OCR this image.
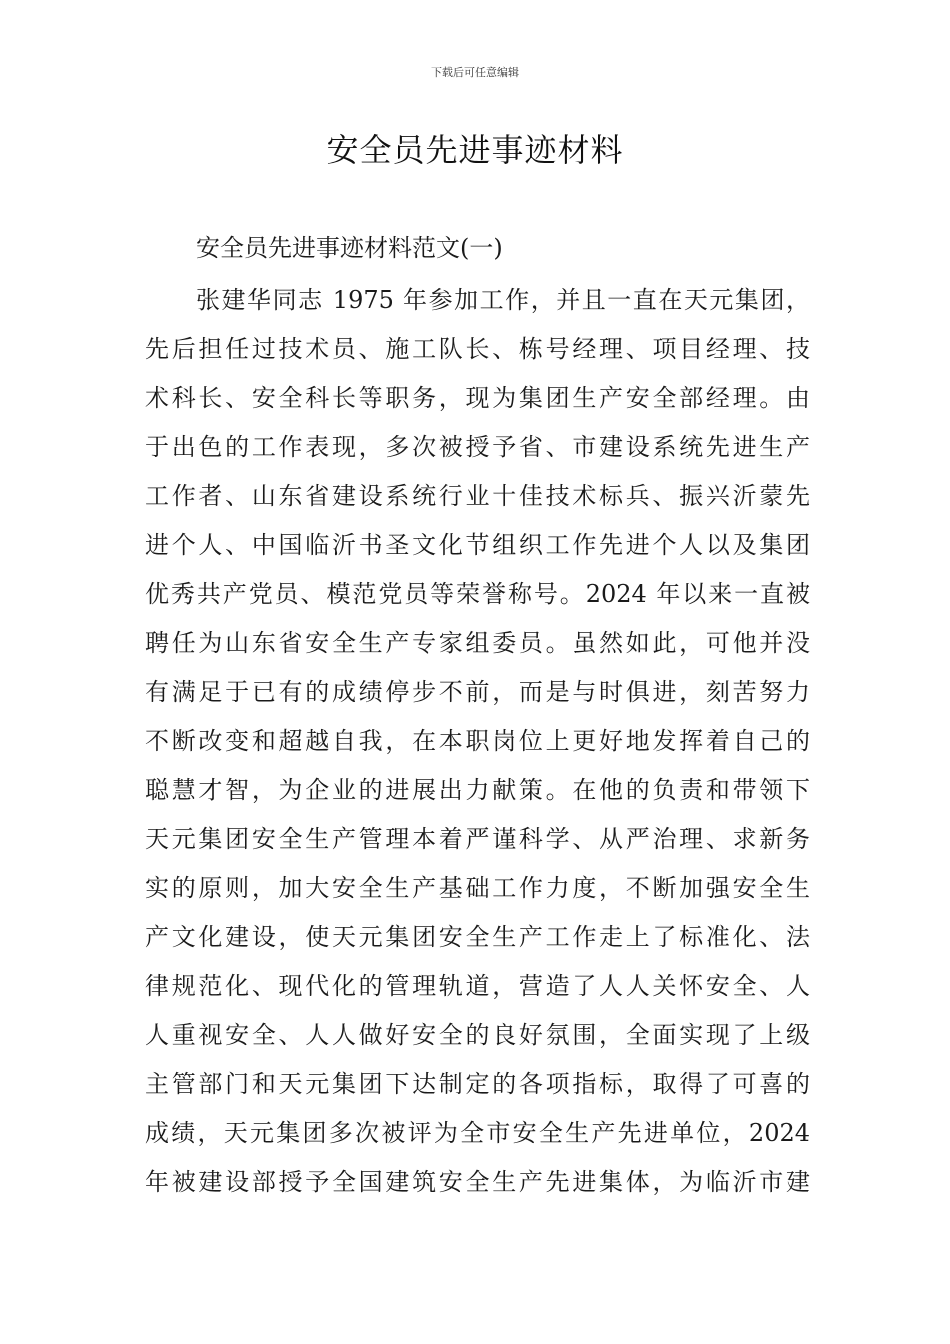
下载后可任意编辑
安全员先进事迹材料

安全员先进事迹材料范文(一)

张建华同志 1975 年参加工作，并且一直在天元集团，
先后担任过技术员、施工队长、栋号经理、项目经理、技
术科长、安全科长等职务，现为集团生产安全部经理。由
于出色的工作表现，多次被授予省、市建设系统先进生产
工作者、山东省建设系统行业十佳技术标兵、振兴沂蒙先
进个人、中国临沂书圣文化节组织工作先进个人以及集团
优秀共产党员、模范党员等荣誉称号。2024 年以来一直被
聘任为山东省安全生产专家组委员。虽然如此，可他并没
有满足于已有的成绩停步不前，而是与时俱进，刻苦努力
不断改变和超越自我，在本职岗位上更好地发挥着自己的
聪慧才智，为企业的进展出力献策。在他的负责和带领下
天元集团安全生产管理本着严谨科学、从严治理、求新务
实的原则，加大安全生产基础工作力度，不断加强安全生
产文化建设，使天元集团安全生产工作走上了标准化、法
律规范化、现代化的管理轨道，营造了人人关怀安全、人
人重视安全、人人做好安全的良好氛围，全面实现了上级
主管部门和天元集团下达制定的各项指标，取得了可喜的
成绩，天元集团多次被评为全市安全生产先进单位，2024
年被建设部授予全国建筑安全生产先进集体，为临沂市建
